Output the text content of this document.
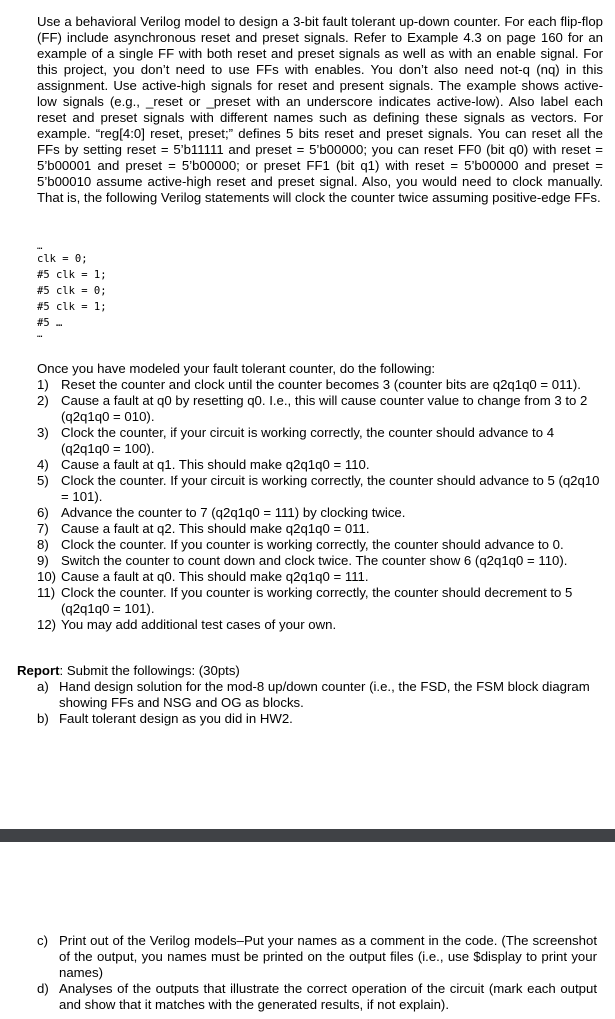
Use a behavioral Verilog model to design a 3-bit fault tolerant up-down counter. For each flip-flop (FF) include asynchronous reset and preset signals. Refer to Example 4.3 on page 160 for an example of a single FF with both reset and preset signals as well as with an enable signal. For this project, you don’t need to use FFs with enables. You don’t also need not-q (nq) in this assignment. Use active-high signals for reset and present signals. The example shows active-low signals (e.g., _reset or _preset with an underscore indicates active-low). Also label each reset and preset signals with different names such as defining these signals as vectors. For example. “reg[4:0] reset, preset;” defines 5 bits reset and preset signals. You can reset all the FFs by setting reset = 5’b11111 and preset = 5’b00000; you can reset FF0 (bit q0) with reset = 5’b00001 and preset = 5’b00000; or preset FF1 (bit q1) with reset = 5’b00000 and preset = 5’b00010 assume active-high reset and preset signal. Also, you would need to clock manually. That is, the following Verilog statements will clock the counter twice assuming positive-edge FFs.

…
clk = 0;
#5 clk = 1;
#5 clk = 0;
#5 clk = 1;
#5 …
…

Once you have modeled your fault tolerant counter, do the following:

1) Reset the counter and clock until the counter becomes 3 (counter bits are q2q1q0 = 011).
2) Cause a fault at q0 by resetting q0. I.e., this will cause counter value to change from 3 to 2 (q2q1q0 = 010).
3) Clock the counter, if your circuit is working correctly, the counter should advance to 4 (q2q1q0 = 100).
4) Cause a fault at q1. This should make q2q1q0 = 110.
5) Clock the counter. If your circuit is working correctly, the counter should advance to 5 (q2q10 = 101).
6) Advance the counter to 7 (q2q1q0 = 111) by clocking twice.
7) Cause a fault at q2. This should make q2q1q0 = 011.
8) Clock the counter. If you counter is working correctly, the counter should advance to 0.
9) Switch the counter to count down and clock twice. The counter show 6 (q2q1q0 = 110).
10) Cause a fault at q0. This should make q2q1q0 = 111.
11) Clock the counter. If you counter is working correctly, the counter should decrement to 5 (q2q1q0 = 101).
12) You may add additional test cases of your own.

Report: Submit the followings: (30pts)

a) Hand design solution for the mod-8 up/down counter (i.e., the FSD, the FSM block diagram showing FFs and NSG and OG as blocks.
b) Fault tolerant design as you did in HW2.
c) Print out of the Verilog models–Put your names as a comment in the code. (The screenshot of the output, you names must be printed on the output files (i.e., use $display to print your names)
d) Analyses of the outputs that illustrate the correct operation of the circuit (mark each output and show that it matches with the generated results, if not explain).
